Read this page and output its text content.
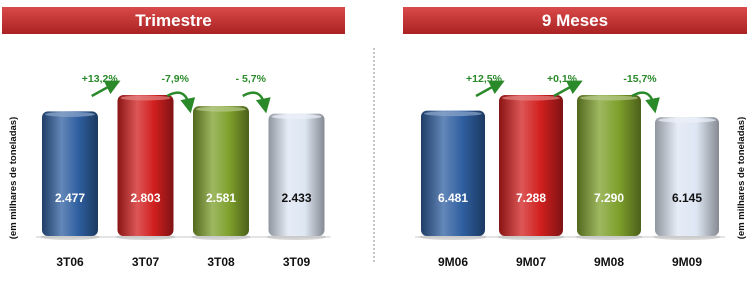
Trimestre
(em milhares de toneladas)	2.477
3T06
2.803
3T07
2.581
3T08
2.433
3T09
+13,2%	-7,9%	- 5,7%
9 Meses
(em milhares de toneladas)
6.481
9M06
7.288
9M07
7.290
9M08
6.145
9M09
+12,5%	+0,1%	-15,7%
